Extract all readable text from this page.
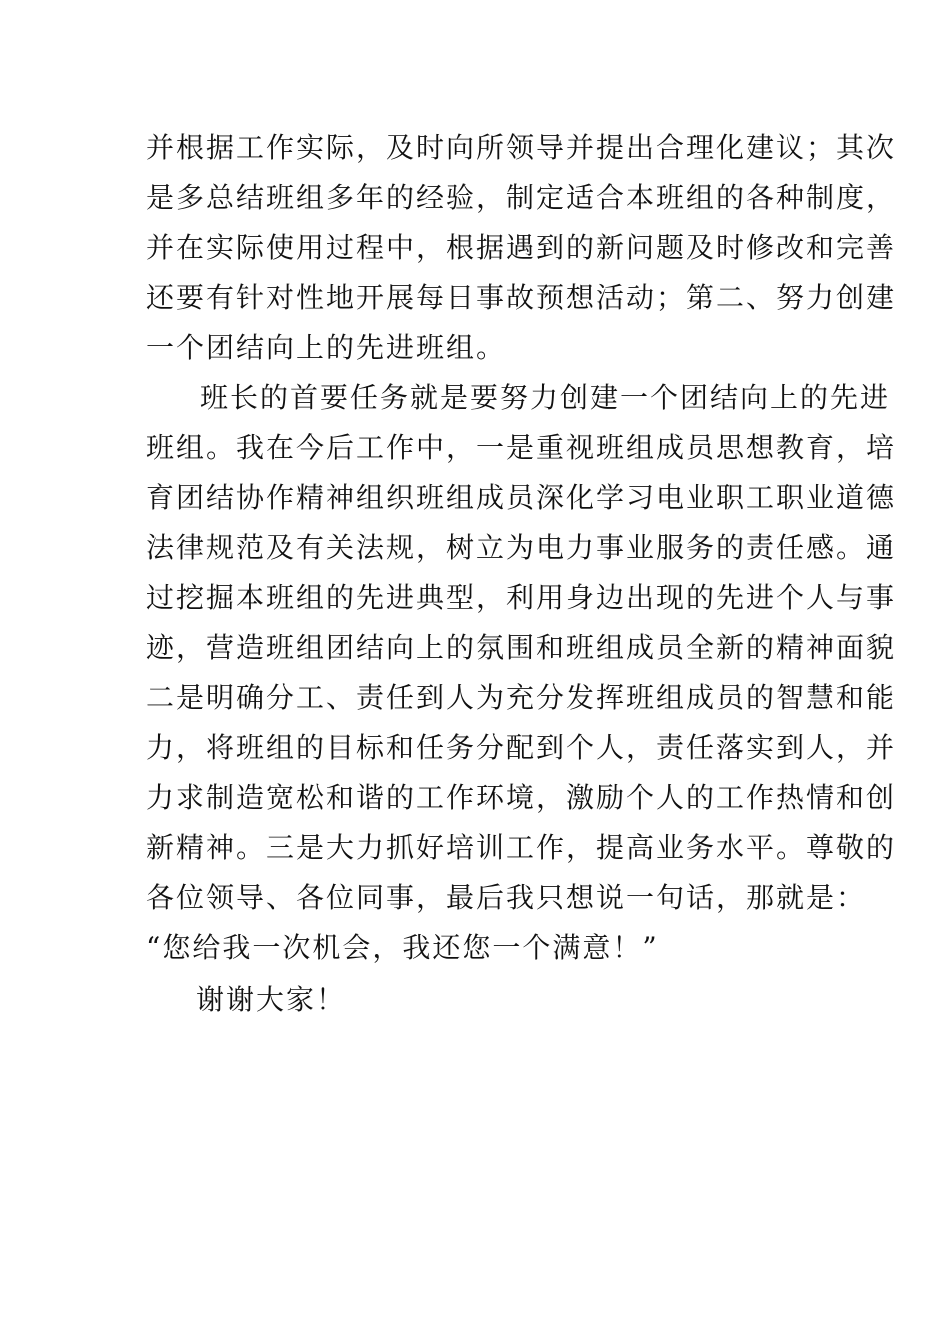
并根据工作实际，及时向所领导并提出合理化建议；其次
是多总结班组多年的经验，制定适合本班组的各种制度，
并在实际使用过程中，根据遇到的新问题及时修改和完善
还要有针对性地开展每日事故预想活动；第二、努力创建
一个团结向上的先进班组。
班长的首要任务就是要努力创建一个团结向上的先进
班组。我在今后工作中，一是重视班组成员思想教育，培
育团结协作精神组织班组成员深化学习电业职工职业道德
法律规范及有关法规，树立为电力事业服务的责任感。通
过挖掘本班组的先进典型，利用身边出现的先进个人与事
迹，营造班组团结向上的氛围和班组成员全新的精神面貌
二是明确分工、责任到人为充分发挥班组成员的智慧和能
力，将班组的目标和任务分配到个人，责任落实到人，并
力求制造宽松和谐的工作环境，激励个人的工作热情和创
新精神。三是大力抓好培训工作，提高业务水平。尊敬的
各位领导、各位同事，最后我只想说一句话，那就是：
“您给我一次机会，我还您一个满意！”
谢谢大家！
